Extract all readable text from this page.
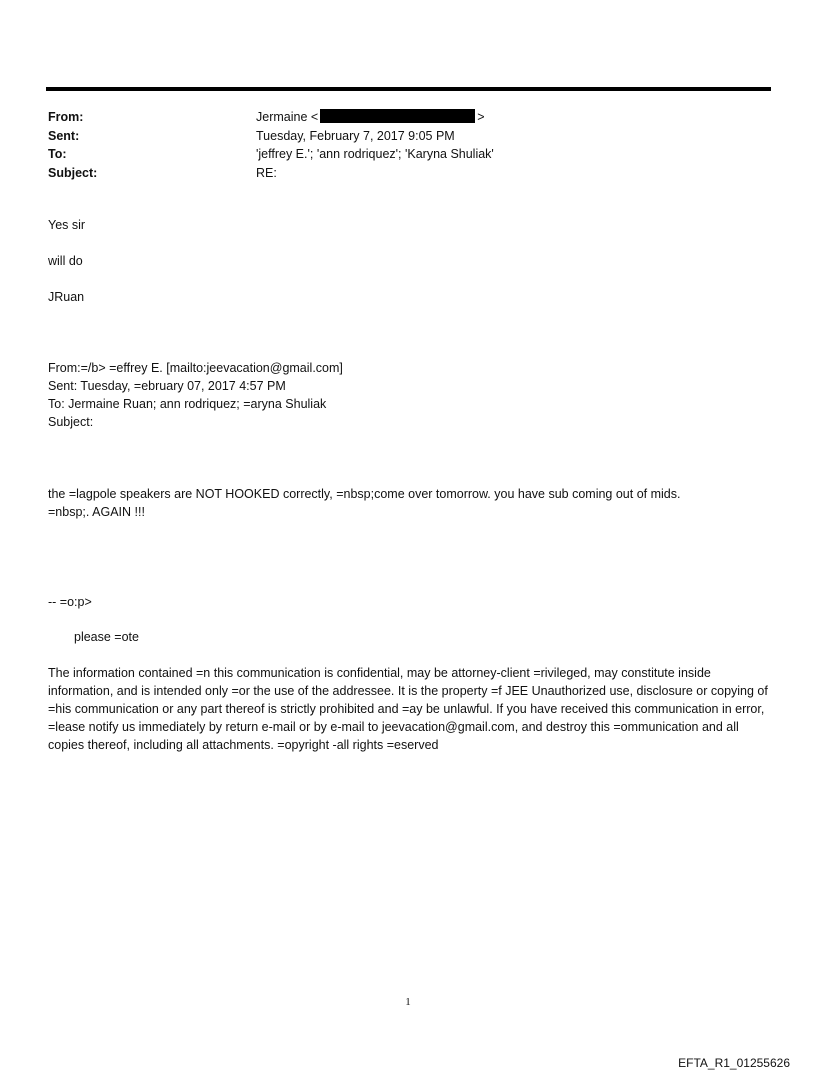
From:	Jermaine <	>
Sent:	Tuesday, February 7, 2017 9:05 PM
To:	'jeffrey E.'; 'ann rodriquez'; 'Karyna Shuliak'
Subject:	RE:
Yes sir
will do
JRuan
From:=/b> =effrey E. [mailto:jeevacation@gmail.com]
Sent: Tuesday, =ebruary 07, 2017 4:57 PM
To: Jermaine Ruan; ann rodriquez; =aryna Shuliak
Subject:
the =lagpole speakers are NOT HOOKED correctly, =nbsp;come over tomorrow. you have sub coming out of mids.
=nbsp;. AGAIN !!!
-- =o:p>
please =ote
The information contained =n this communication is confidential, may be attorney-client =rivileged, may constitute inside information, and is intended only =or the use of the addressee. It is the property =f JEE Unauthorized use, disclosure or copying of =his communication or any part thereof is strictly prohibited and =ay be unlawful. If you have received this communication in error, =lease notify us immediately by return e-mail or by e-mail to jeevacation@gmail.com, and destroy this =ommunication and all copies thereof, including all attachments. =opyright -all rights =eserved
1
EFTA_R1_01255626
